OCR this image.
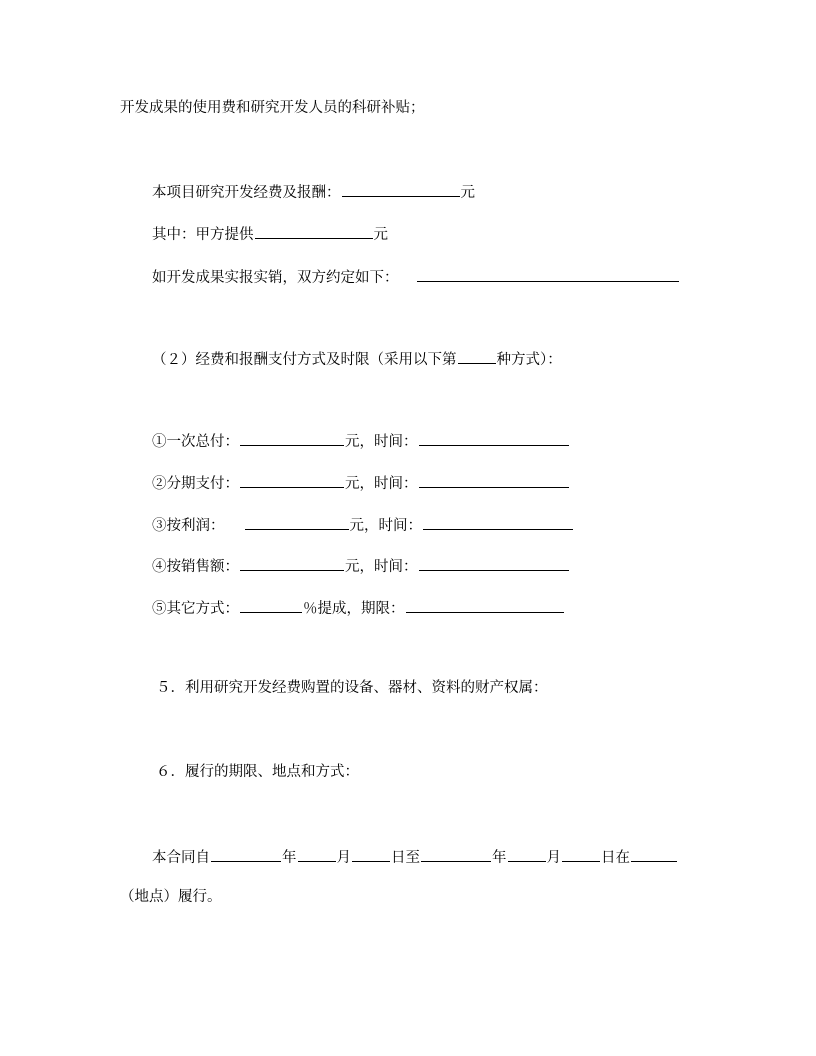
开发成果的使用费和研究开发人员的科研补贴；
本项目研究开发经费及报酬：	元
其中：甲方提供	元
如开发成果实报实销，双方约定如下：
（２）经费和报酬支付方式及时限（采用以下第	种方式）：
①一次总付：	元，时间：
②分期支付：	元，时间：
③按利润：	元，时间：
④按销售额：	元，时间：
⑤其它方式：	％提成，期限：
５．利用研究开发经费购置的设备、器材、资料的财产权属：
６．履行的期限、地点和方式：
本合同自	年	月	日至	年	月	日在
（地点）履行。
